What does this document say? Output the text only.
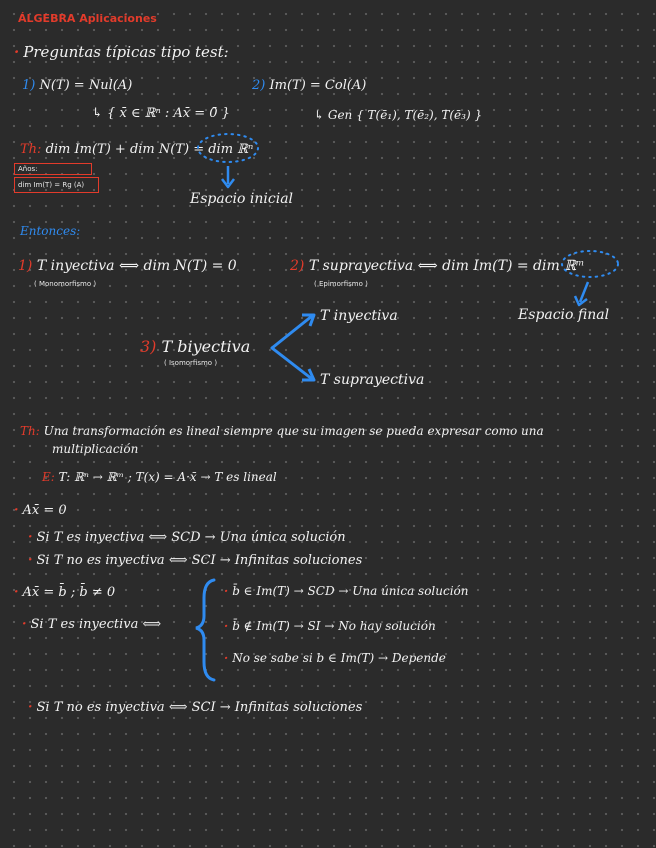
ÁLGEBRA Aplicaciones
· Preguntas típicas tipo test:
1) N(T) = Nul(A)
↳ { x̄ ∈ ℝⁿ : Ax̄ = 0̄ }
2) Im(T) = Col(A)
↳ Gen { T(ē₁), T(ē₂), T(ē₃) }
Th: dim Im(T) + dim N(T) = dim ℝⁿ
Años:
dim Im(T) = Rg (A)
Espacio inicial
Entonces:
1) T inyectiva ⟺ dim N(T) = 0
( Monomorfismo )
2) T suprayectiva ⟺ dim Im(T) = dim ℝᵐ
( Epimorfismo )
Espacio final
3) T biyectiva
( Isomorfismo )
T inyectiva
T suprayectiva
Th: Una transformación es lineal siempre que su imagen se pueda expresar como una
multiplicación
E: T: ℝⁿ → ℝᵐ ; T(x) = A·x̄ → T es lineal
· Ax̄ = 0
· Si T es inyectiva ⟺ SCD → Una única solución
· Si T no es inyectiva ⟺ SCI → Infinitas soluciones
· Ax̄ = b̄ ; b̄ ≠ 0
· Si T es inyectiva ⟺
· b̄ ∈ Im(T) → SCD → Una única solución
· b̄ ∉ Im(T) → SI → No hay solución
· No se sabe si b ∈ Im(T) → Depende
· Si T no es inyectiva ⟺ SCI → Infinitas soluciones
